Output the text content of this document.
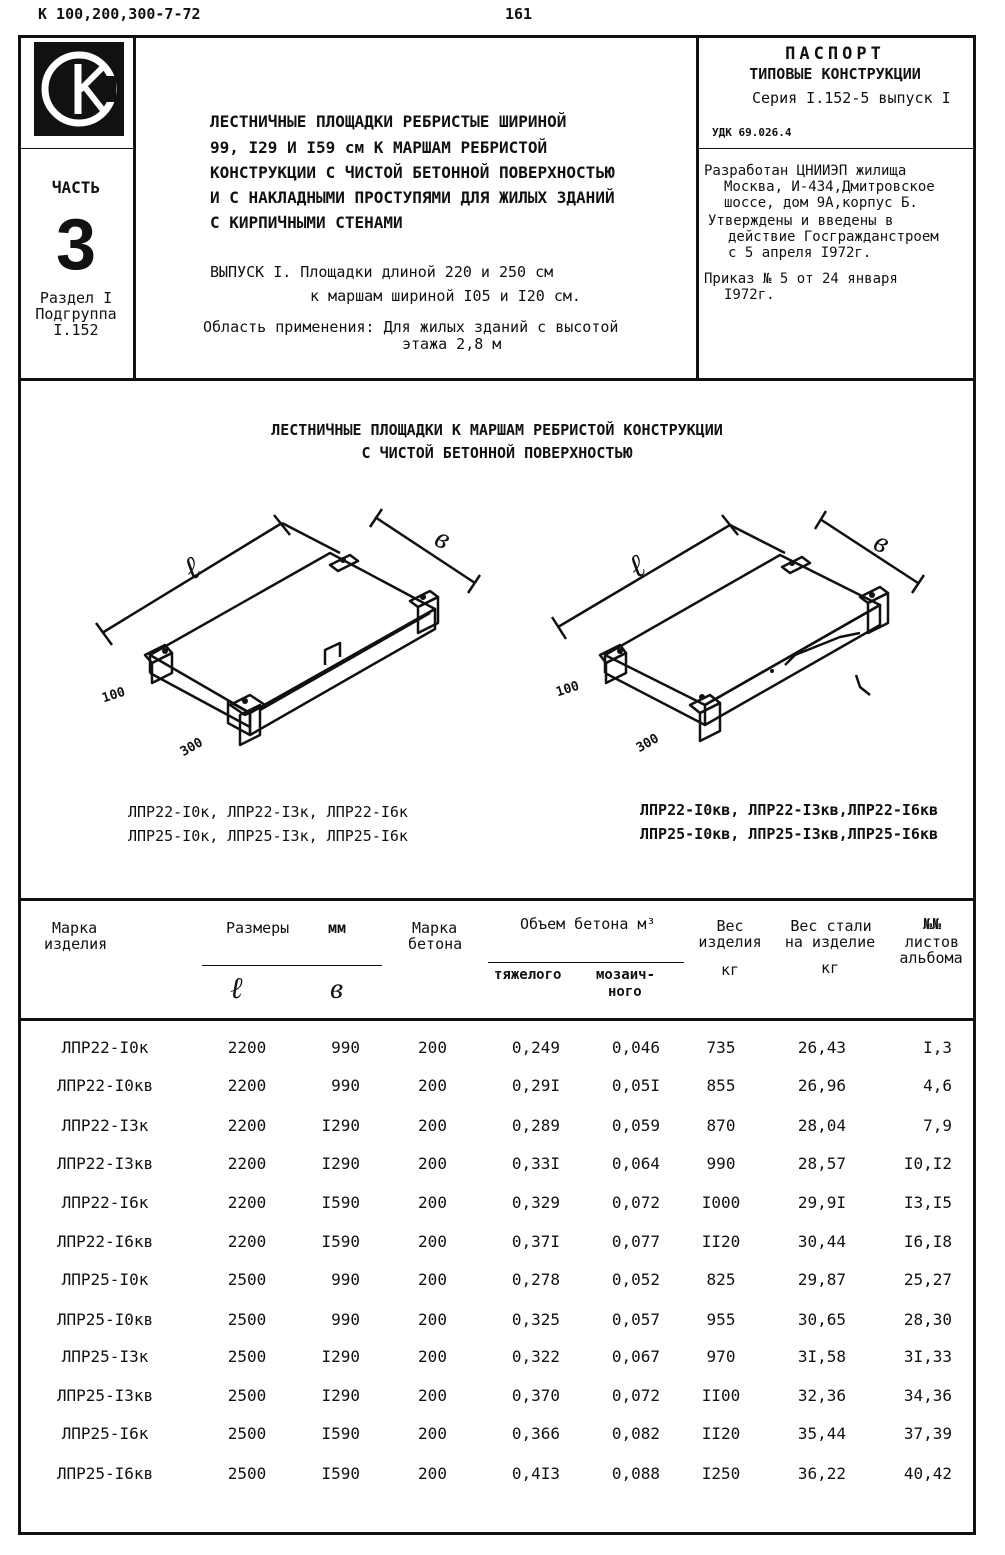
К 100,200,300-7-72	161
ЧАСТЬ
3
Раздел I
Подгруппа
I.152
ЛЕСТНИЧНЫЕ ПЛОЩАДКИ РЕБРИСТЫЕ ШИРИНОЙ
99, I29 И I59 см К МАРШАМ РЕБРИСТОЙ
КОНСТРУКЦИИ С ЧИСТОЙ БЕТОННОЙ ПОВЕРХНОСТЬЮ
И С НАКЛАДНЫМИ ПРОСТУПЯМИ ДЛЯ ЖИЛЫХ ЗДАНИЙ
С КИРПИЧНЫМИ СТЕНАМИ
ВЫПУСК I. Площадки длиной 220 и 250 см
к маршам шириной I05 и I20 см.
Область применения: Для жилых зданий с высотой
этажа 2,8 м
ПАСПОРТ
ТИПОВЫЕ КОНСТРУКЦИИ
Серия I.152-5 выпуск I
УДК 69.026.4
Разработан ЦНИИЭП жилища
Москва, И-434,Дмитровское
шоссе, дом 9А,корпус Б.
Утверждены и введены в
действие Госгражданстроем
с 5 апреля I972г.
Приказ № 5 от 24 января
I972г.
ЛЕСТНИЧНЫЕ ПЛОЩАДКИ К МАРШАМ РЕБРИСТОЙ КОНСТРУКЦИИ
С ЧИСТОЙ БЕТОННОЙ ПОВЕРХНОСТЬЮ
ℓ
в
100
300
ℓ
в
100
300
ЛПР22-I0к, ЛПР22-I3к, ЛПР22-I6к
ЛПР25-I0к, ЛПР25-I3к, ЛПР25-I6к
ЛПР22-I0кв, ЛПР22-I3кв,ЛПР22-I6кв
ЛПР25-I0кв, ЛПР25-I3кв,ЛПР25-I6кв
Марка
изделия
Размеры	мм
ℓ	в
Марка
бетона
Объем бетона м³
тяжелого мозаич-
ного
Вес
изделия
кг
Вес стали
на изделие
кг
№№
листов
альбома
ЛПР22-I0к	2200	990	200	0,249	0,046	735	26,43	I,3
ЛПР22-I0кв	2200	990	200	0,29I	0,05I	855	26,96	4,6
ЛПР22-I3к	2200	I290	200	0,289	0,059	870	28,04	7,9
ЛПР22-I3кв	2200	I290	200	0,33I	0,064	990	28,57	I0,I2
ЛПР22-I6к	2200	I590	200	0,329	0,072	I000	29,9I	I3,I5
ЛПР22-I6кв	2200	I590	200	0,37I	0,077	II20	30,44	I6,I8
ЛПР25-I0к	2500	990	200	0,278	0,052	825	29,87	25,27
ЛПР25-I0кв	2500	990	200	0,325	0,057	955	30,65	28,30
ЛПР25-I3к	2500	I290	200	0,322	0,067	970	3I,58	3I,33
ЛПР25-I3кв	2500	I290	200	0,370	0,072	II00	32,36	34,36
ЛПР25-I6к	2500	I590	200	0,366	0,082	II20	35,44	37,39
ЛПР25-I6кв	2500	I590	200	0,4I3	0,088	I250	36,22	40,42
